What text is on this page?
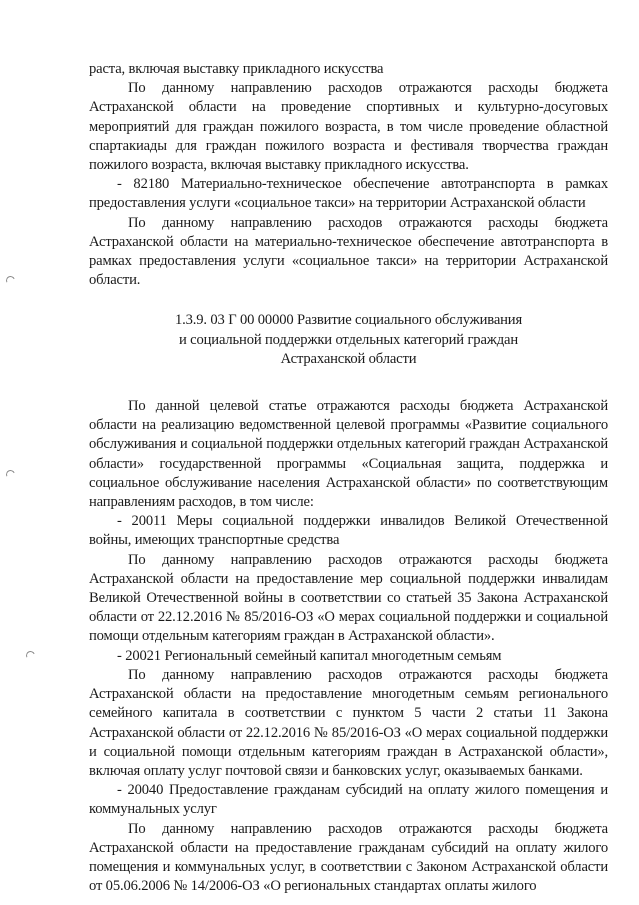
раста, включая выставку прикладного искусства

По данному направлению расходов отражаются расходы бюджета Астраханской области на проведение спортивных и культурно-досуговых мероприятий для граждан пожилого возраста, в том числе проведение областной спартакиады для граждан пожилого возраста и фестиваля творчества граждан пожилого возраста, включая выставку прикладного искусства.

- 82180 Материально-техническое обеспечение автотранспорта в рамках предоставления услуги «социальное такси» на территории Астраханской области

По данному направлению расходов отражаются расходы бюджета Астраханской области на материально-техническое обеспечение автотранспорта в рамках предоставления услуги «социальное такси» на территории Астраханской области.

1.3.9. 03 Г 00 00000 Развитие социального обслуживания

и социальной поддержки отдельных категорий граждан

Астраханской области

По данной целевой статье отражаются расходы бюджета Астраханской области на реализацию ведомственной целевой программы «Развитие социального обслуживания и социальной поддержки отдельных категорий граждан Астраханской области» государственной программы «Социальная защита, поддержка и социальное обслуживание населения Астраханской области» по соответствующим направлениям расходов, в том числе:

- 20011 Меры социальной поддержки инвалидов Великой Отечественной войны, имеющих транспортные средства

По данному направлению расходов отражаются расходы бюджета Астраханской области на предоставление мер социальной поддержки инвалидам Великой Отечественной войны в соответствии со статьей 35 Закона Астраханской области от 22.12.2016 № 85/2016-ОЗ «О мерах социальной поддержки и социальной помощи отдельным категориям граждан в Астраханской области».

- 20021 Региональный семейный капитал многодетным семьям

По данному направлению расходов отражаются расходы бюджета Астраханской области на предоставление многодетным семьям регионального семейного капитала в соответствии с пунктом 5 части 2 статьи 11 Закона Астраханской области от 22.12.2016 № 85/2016-ОЗ «О мерах социальной поддержки и социальной помощи отдельным категориям граждан в Астраханской области», включая оплату услуг почтовой связи и банковских услуг, оказываемых банками.

- 20040 Предоставление гражданам субсидий на оплату жилого помещения и коммунальных услуг

По данному направлению расходов отражаются расходы бюджета Астраханской области на предоставление гражданам субсидий на оплату жилого помещения и коммунальных услуг, в соответствии с Законом Астраханской области от 05.06.2006 № 14/2006-ОЗ «О региональных стандартах оплаты жилого
